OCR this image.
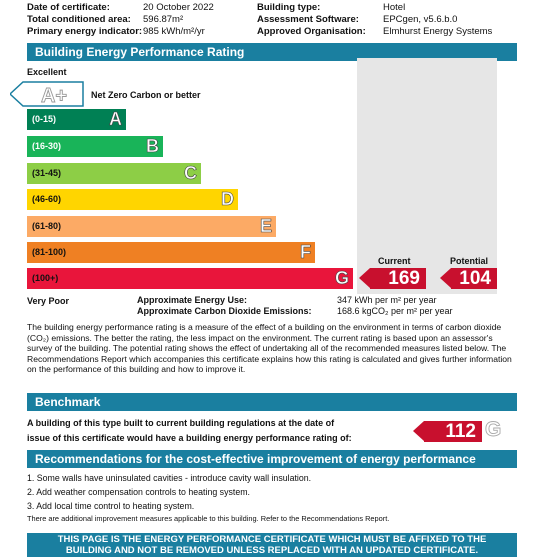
Date of certificate:	20 October 2022
Total conditioned area: 596.87m²
Primary energy indicator: 985 kWh/m²/yr
Building type:	Hotel
Assessment Software:	EPCgen, v5.6.b.0
Approved Organisation: Elmhurst Energy Systems
Building Energy Performance Rating
Excellent
A+	Net Zero Carbon or better
(0-15)	A
(16-30)	B
(31-45)	C
(46-60)	D
(61-80)	E
(81-100)	F
(100+)	G
Current	Potential
169	104
Very Poor	Approximate Energy Use:	347 kWh per m² per year
Approximate Carbon Dioxide Emissions:	168.6 kgCO₂ per m² per year
The building energy performance rating is a measure of the effect of a building on the environment in terms of carbon dioxide (CO₂) emissions. The better the rating, the less impact on the environment. The current rating is based upon an assessor's survey of the building. The potential rating shows the effect of undertaking all of the recommended measures listed below. The Recommendations Report which accompanies this certificate explains how this rating is calculated and gives further information on the performance of this building and how to improve it.
Benchmark
A building of this type built to current building regulations at the date of
issue of this certificate would have a building energy performance rating of:	112 G
Recommendations for the cost-effective improvement of energy performance
1. Some walls have uninsulated cavities - introduce cavity wall insulation.
2. Add weather compensation controls to heating system.
3. Add local time control to heating system.
There are additional improvement measures applicable to this building. Refer to the Recommendations Report.
THIS PAGE IS THE ENERGY PERFORMANCE CERTIFICATE WHICH MUST BE AFFIXED TO THE
BUILDING AND NOT BE REMOVED UNLESS REPLACED WITH AN UPDATED CERTIFICATE.
